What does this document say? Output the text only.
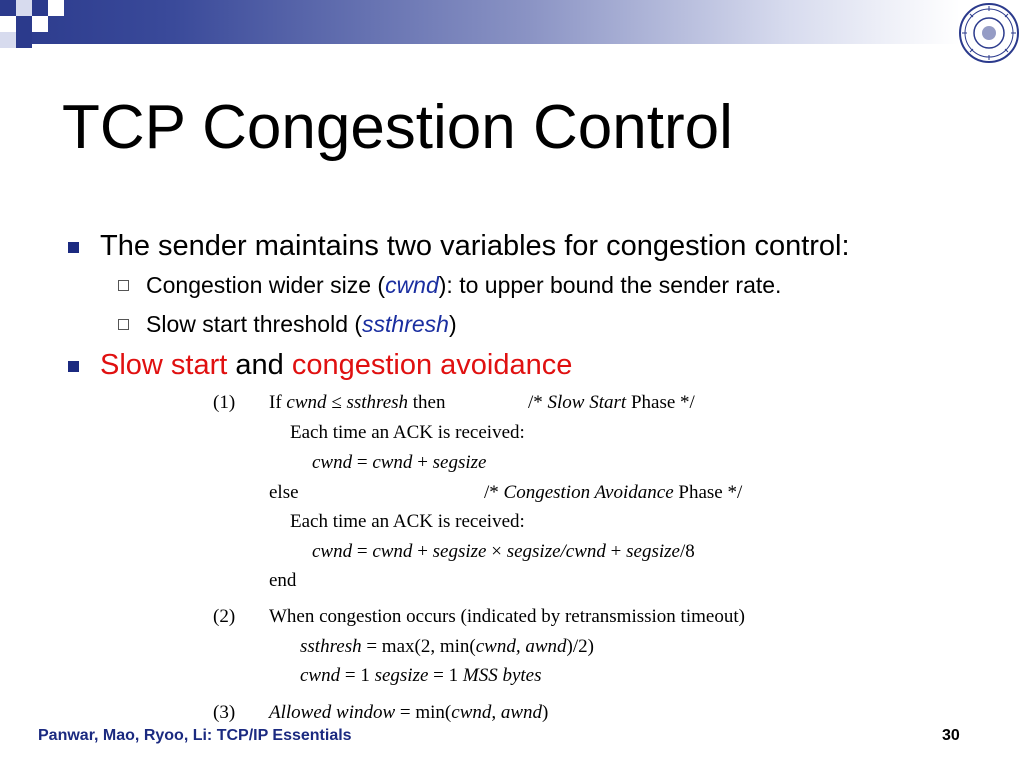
TCP Congestion Control
The sender maintains two variables for congestion control:
Congestion wider size (cwnd): to upper bound the sender rate.
Slow start threshold (ssthresh)
Slow start and congestion avoidance
(1) If cwnd ≤ ssthresh then	/* Slow Start Phase */
Each time an ACK is received:
cwnd = cwnd + segsize
else	/* Congestion Avoidance Phase */
Each time an ACK is received:
cwnd = cwnd + segsize × segsize/cwnd + segsize/8
end
(2) When congestion occurs (indicated by retransmission timeout)
ssthresh = max(2, min(cwnd, awnd)/2)
cwnd = 1 segsize = 1 MSS bytes
(3) Allowed window = min(cwnd, awnd)
Panwar, Mao, Ryoo, Li: TCP/IP Essentials	30
